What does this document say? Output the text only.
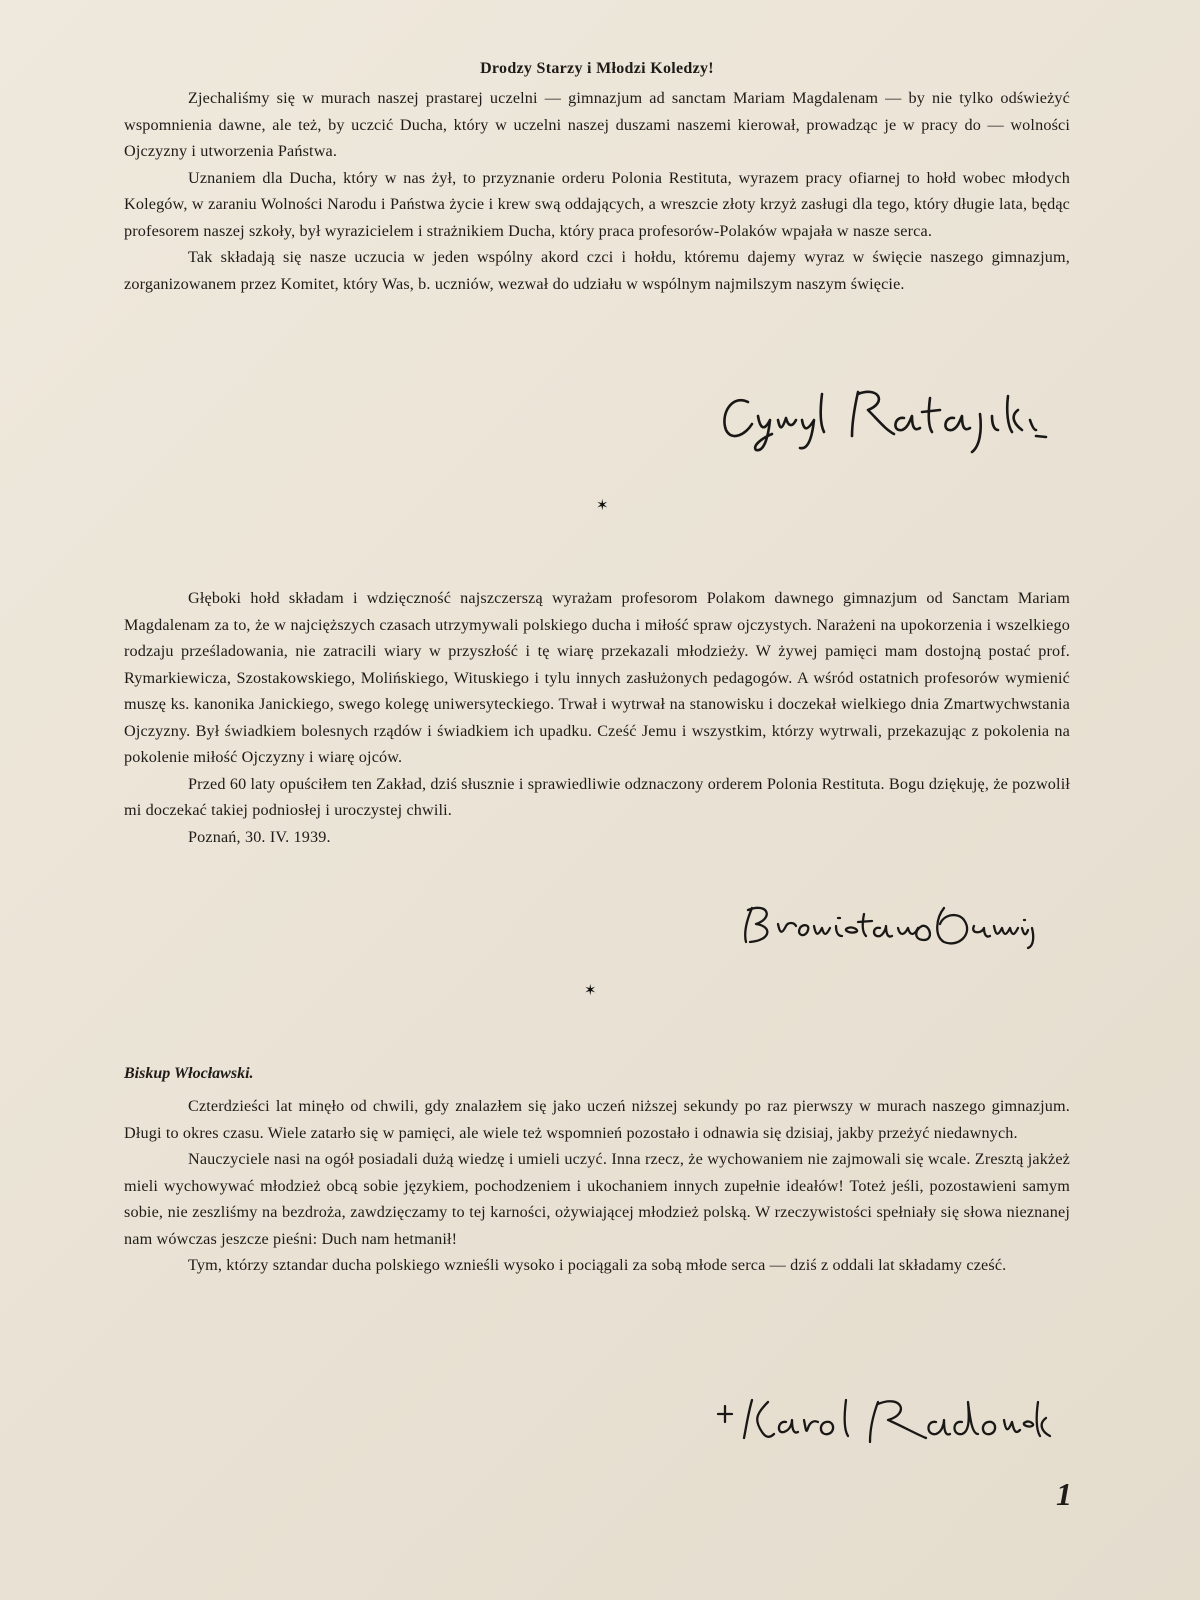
Drodzy Starzy i Młodzi Koledzy!

Zjechaliśmy się w murach naszej prastarej uczelni — gimnazjum ad sanctam Mariam Magdalenam — by nie tylko odświeżyć wspomnienia dawne, ale też, by uczcić Ducha, który w uczelni naszej duszami naszemi kierował, prowadząc je w pracy do — wolności Ojczyzny i utworzenia Państwa.

Uznaniem dla Ducha, który w nas żył, to przyznanie orderu Polonia Restituta, wyrazem pracy ofiarnej to hołd wobec młodych Kolegów, w zaraniu Wolności Narodu i Państwa życie i krew swą oddających, a wreszcie złoty krzyż zasługi dla tego, który długie lata, będąc profesorem naszej szkoły, był wyrazicielem i strażnikiem Ducha, który praca profesorów-Polaków wpajała w nasze serca.

Tak składają się nasze uczucia w jeden wspólny akord czci i hołdu, któremu dajemy wyraz w święcie naszego gimnazjum, zorganizowanem przez Komitet, który Was, b. uczniów, wezwał do udziału w wspólnym najmilszym naszym święcie.

✶

Głęboki hołd składam i wdzięczność najszczerszą wyrażam profesorom Polakom dawnego gimnazjum od Sanctam Mariam Magdalenam za to, że w najcięższych czasach utrzymywali polskiego ducha i miłość spraw ojczystych. Narażeni na upokorzenia i wszelkiego rodzaju prześladowania, nie zatracili wiary w przyszłość i tę wiarę przekazali młodzieży. W żywej pamięci mam dostojną postać prof. Rymarkiewicza, Szostakowskiego, Molińskiego, Wituskiego i tylu innych zasłużonych pedagogów. A wśród ostatnich profesorów wymienić muszę ks. kanonika Janickiego, swego kolegę uniwersyteckiego. Trwał i wytrwał na stanowisku i doczekał wielkiego dnia Zmartwychwstania Ojczyzny. Był świadkiem bolesnych rządów i świadkiem ich upadku. Cześć Jemu i wszystkim, którzy wytrwali, przekazując z pokolenia na pokolenie miłość Ojczyzny i wiarę ojców.

Przed 60 laty opuściłem ten Zakład, dziś słusznie i sprawiedliwie odznaczony orderem Polonia Restituta. Bogu dziękuję, że pozwolił mi doczekać takiej podniosłej i uroczystej chwili.

Poznań, 30. IV. 1939.

✶
Biskup Włocławski.

Czterdzieści lat minęło od chwili, gdy znalazłem się jako uczeń niższej sekundy po raz pierwszy w murach naszego gimnazjum. Długi to okres czasu. Wiele zatarło się w pamięci, ale wiele też wspomnień pozostało i odnawia się dzisiaj, jakby przeżyć niedawnych.

Nauczyciele nasi na ogół posiadali dużą wiedzę i umieli uczyć. Inna rzecz, że wychowaniem nie zajmowali się wcale. Zresztą jakżeż mieli wychowywać młodzież obcą sobie językiem, pochodzeniem i ukochaniem innych zupełnie ideałów! Toteż jeśli, pozostawieni samym sobie, nie zeszliśmy na bezdroża, zawdzięczamy to tej karności, ożywiającej młodzież polską. W rzeczywistości spełniały się słowa nieznanej nam wówczas jeszcze pieśni: Duch nam hetmanił!

Tym, którzy sztandar ducha polskiego wznieśli wysoko i pociągali za sobą młode serca — dziś z oddali lat składamy cześć.

1
